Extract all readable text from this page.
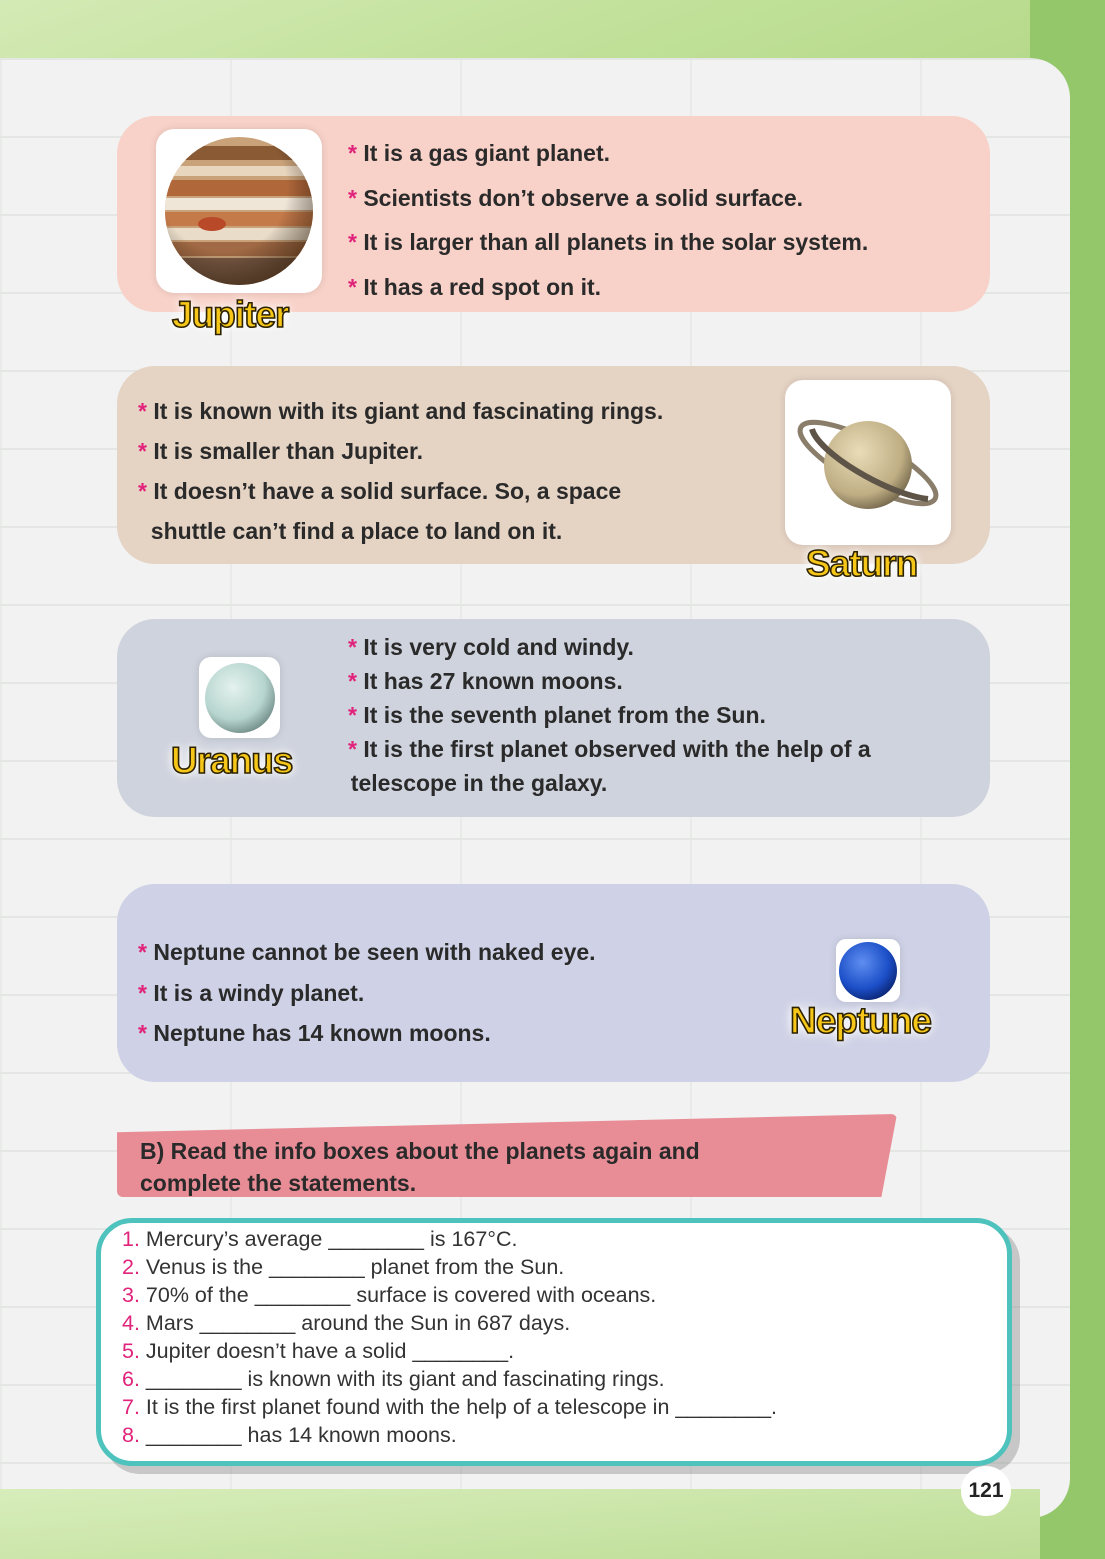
Jupiter
* It is a gas giant planet.
* Scientists don’t observe a solid surface.
* It is larger than all planets in the solar system.
* It has a red spot on it.
* It is known with its giant and fascinating rings.
* It is smaller than Jupiter.
* It doesn’t have a solid surface. So, a space
shuttle can’t find a place to land on it.
Saturn
Uranus
* It is very cold and windy.
* It has 27 known moons.
* It is the seventh planet from the Sun.
* It is the first planet observed with the help of a
telescope in the galaxy.
* Neptune cannot be seen with naked eye.
* It is a windy planet.
* Neptune has 14 known moons.	Neptune
B) Read the info boxes about the planets again and
complete the statements.
1. Mercury’s average ________ is 167°C.
2. Venus is the ________ planet from the Sun.
3. 70% of the ________ surface is covered with oceans.
4. Mars ________ around the Sun in 687 days.
5. Jupiter doesn’t have a solid ________.
6. ________ is known with its giant and fascinating rings.
7. It is the first planet found with the help of a telescope in ________.
8. ________ has 14 known moons.
121
